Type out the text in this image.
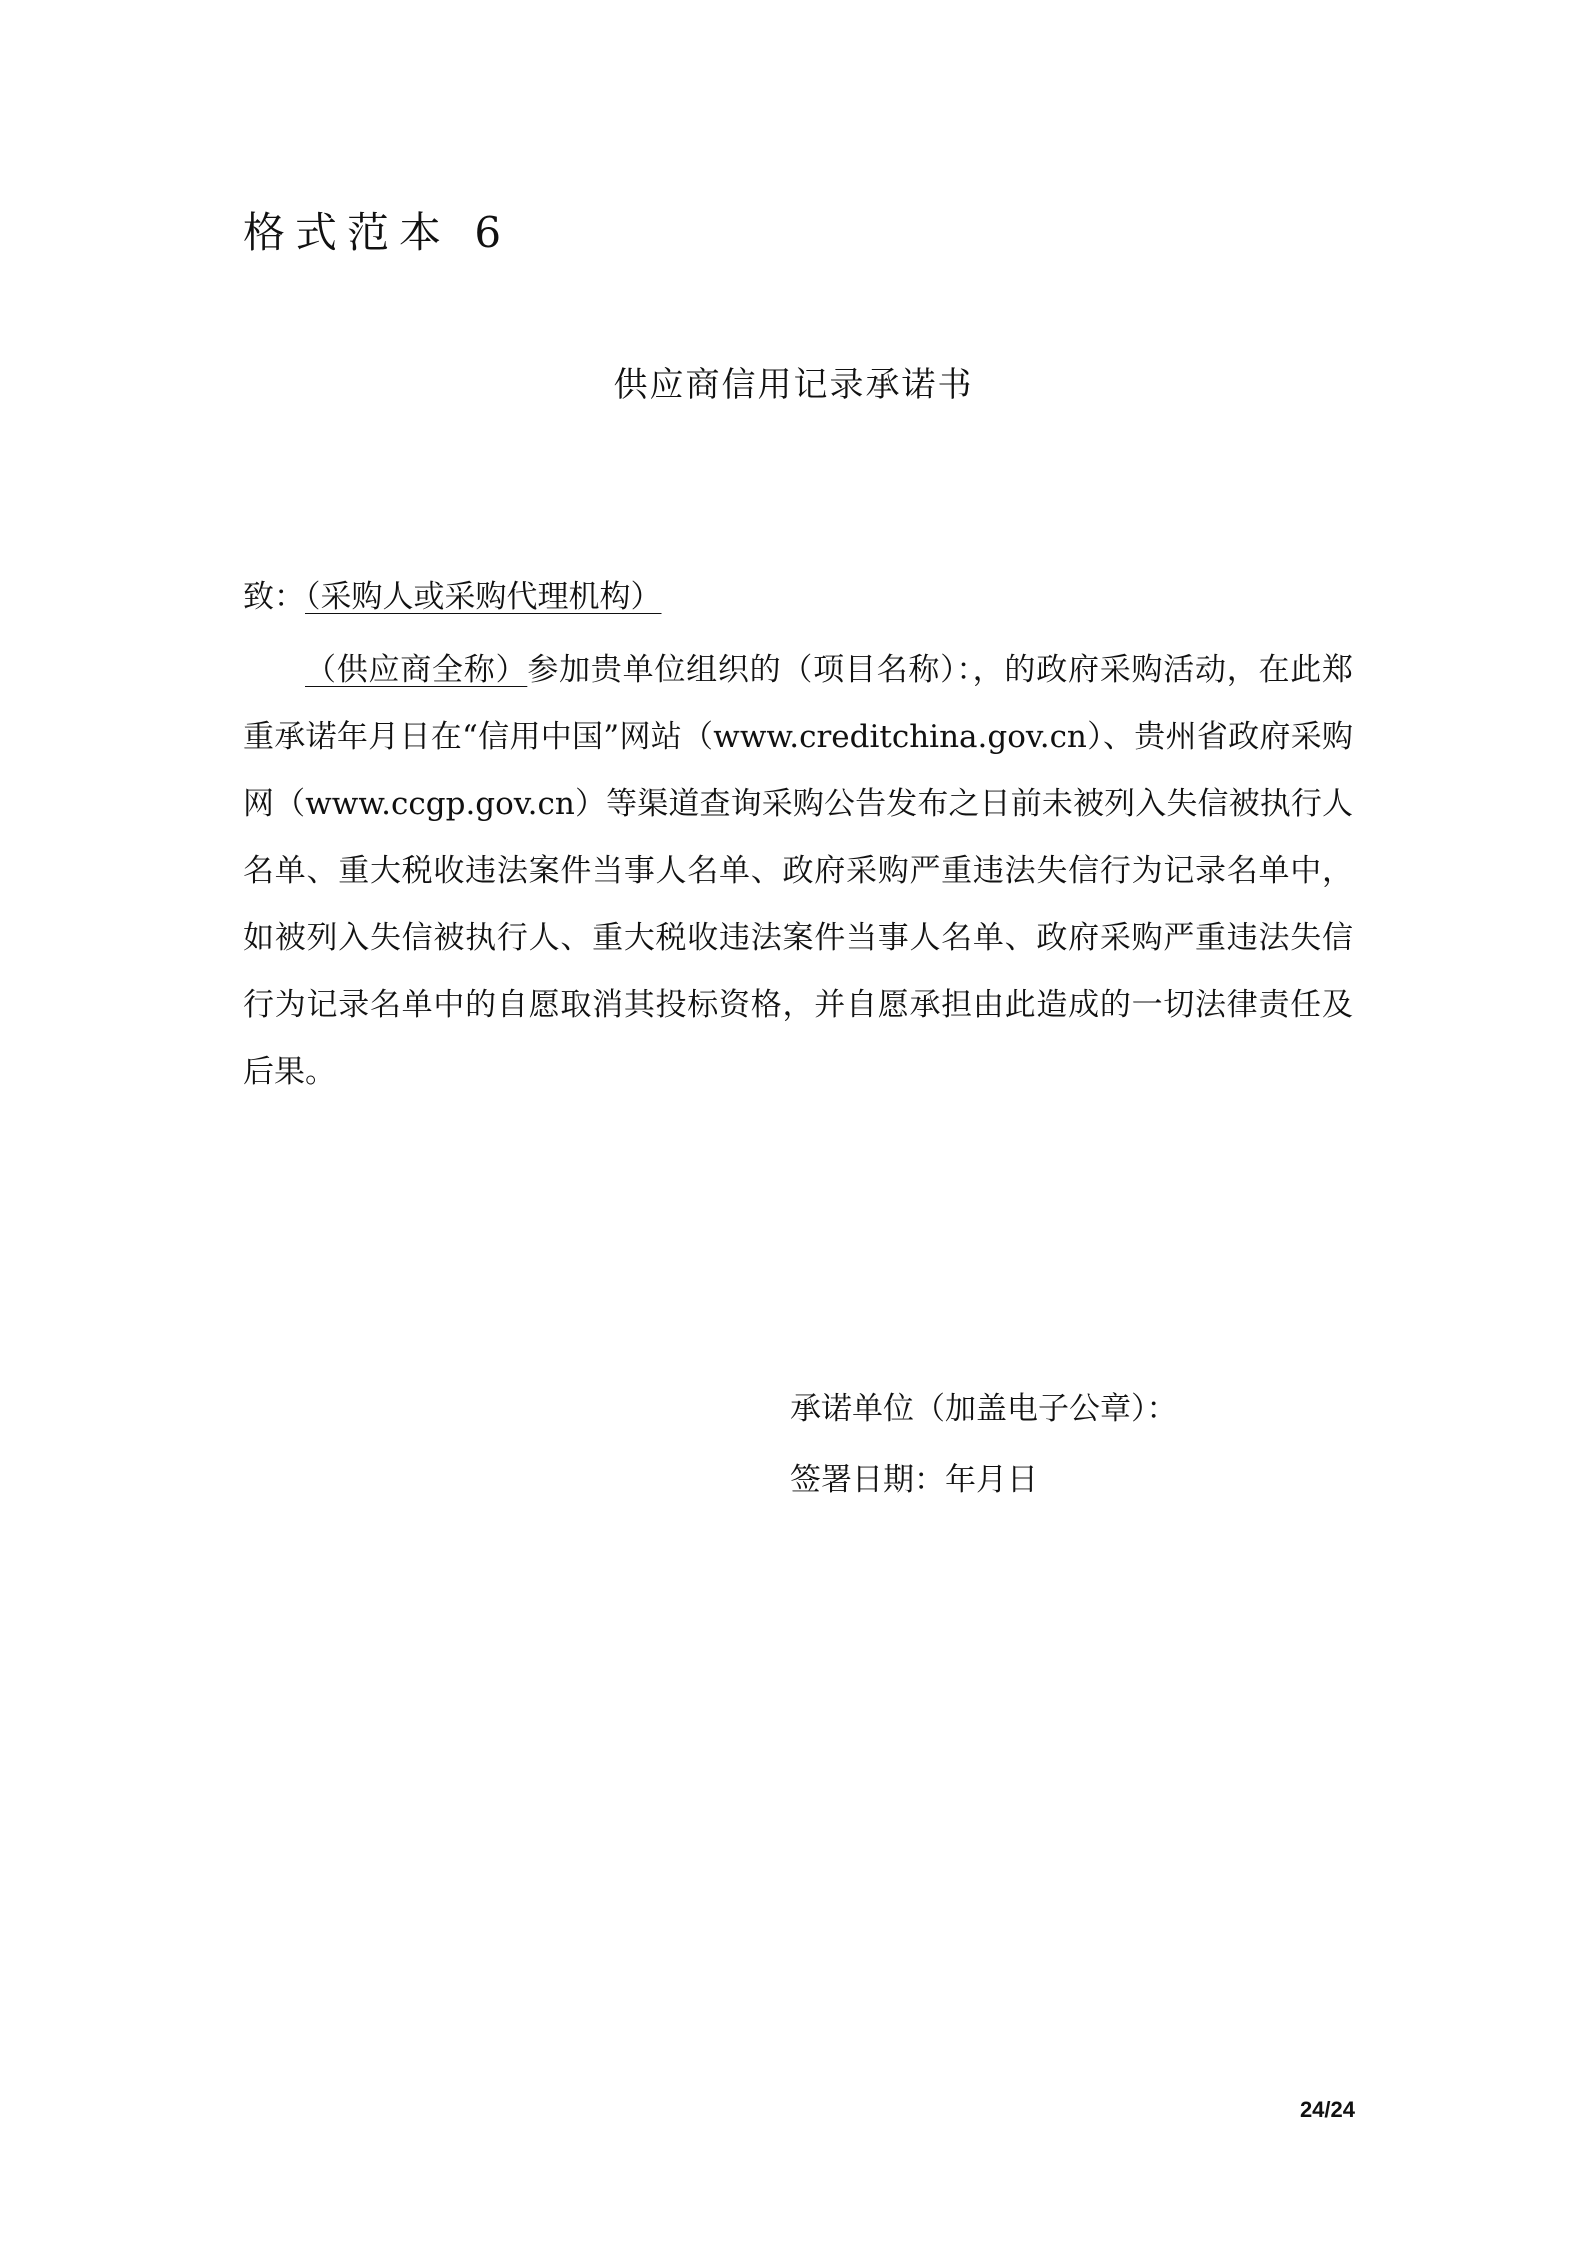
格式范本 6
供应商信用记录承诺书
致：（采购人或采购代理机构）
（供应商全称）参加贵单位组织的（项目名称）：，的政府采购活动，在此郑重承诺年月日在“信用中国”网站（www.creditchina.gov.cn）、贵州省政府采购网（www.ccgp.gov.cn）等渠道查询采购公告发布之日前未被列入失信被执行人名单、重大税收违法案件当事人名单、政府采购严重违法失信行为记录名单中，如被列入失信被执行人、重大税收违法案件当事人名单、政府采购严重违法失信行为记录名单中的自愿取消其投标资格，并自愿承担由此造成的一切法律责任及后果。
承诺单位（加盖电子公章）：
签署日期：年月日
24/24
